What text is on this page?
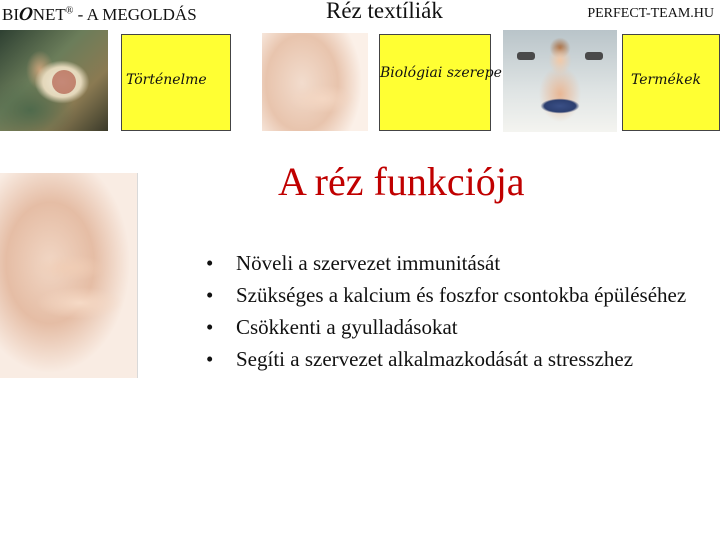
BIONET® - A MEGOLDÁS	Réz textíliák	PERFECT-TEAM.HU
Történelme	Biológiai szerepe	Termékek
A réz funkciója
• Növeli a szervezet immunitását
• Szükséges a kalcium és foszfor csontokba épüléséhez
• Csökkenti a gyulladásokat
• Segíti a szervezet alkalmazkodását a stresszhez
